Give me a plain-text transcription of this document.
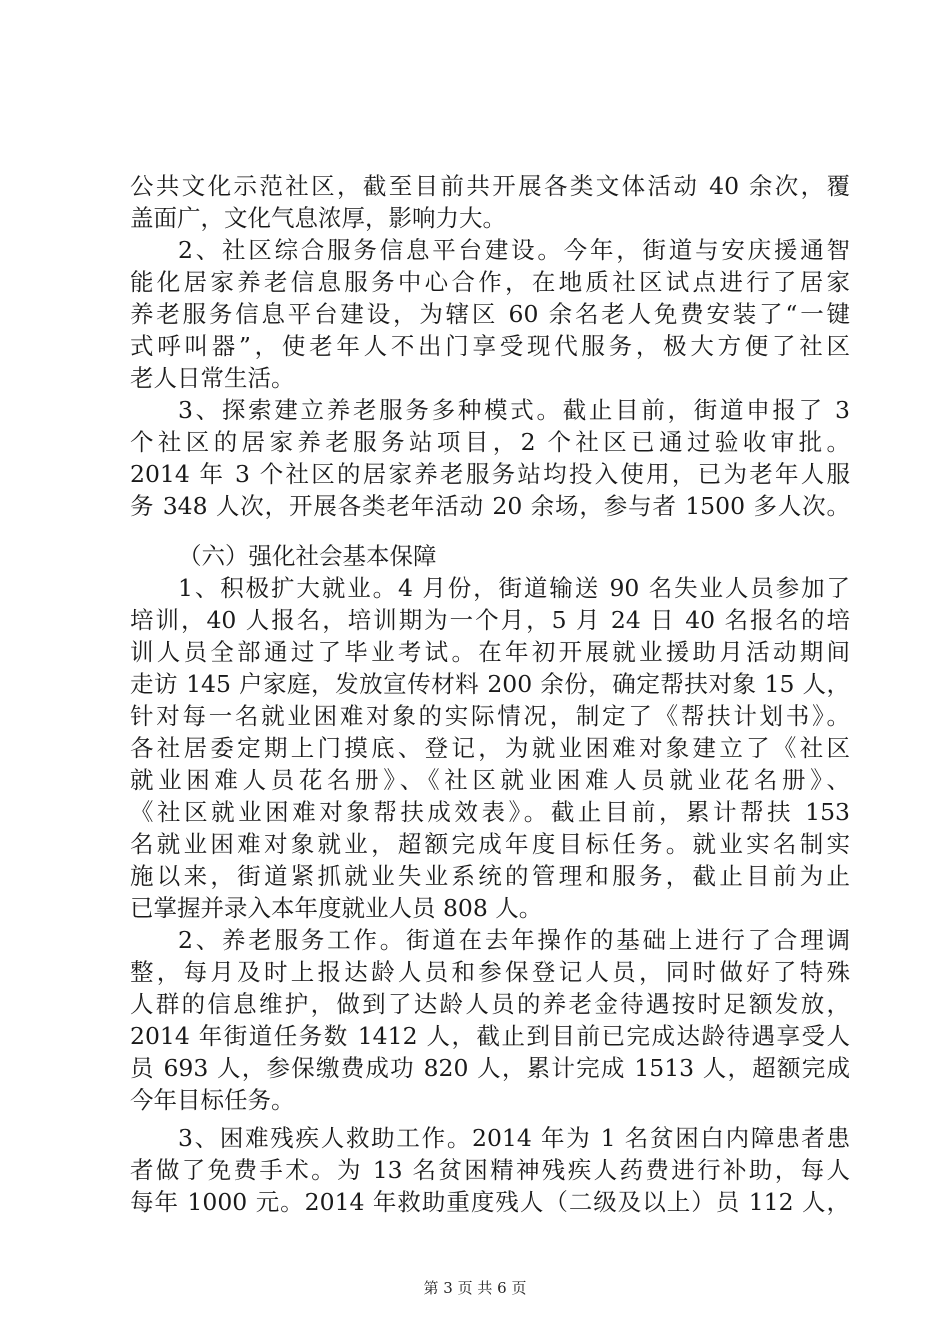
公共文化示范社区，截至目前共开展各类文体活动 40 余次，覆
盖面广，文化气息浓厚，影响力大。
2、社区综合服务信息平台建设。今年，街道与安庆援通智
能化居家养老信息服务中心合作，在地质社区试点进行了居家
养老服务信息平台建设，为辖区 60 余名老人免费安装了“一键
式呼叫器”，使老年人不出门享受现代服务，极大方便了社区
老人日常生活。
3、探索建立养老服务多种模式。截止目前，街道申报了 3
个社区的居家养老服务站项目，2 个社区已通过验收审批。
2014 年 3 个社区的居家养老服务站均投入使用，已为老年人服
务 348 人次，开展各类老年活动 20 余场，参与者 1500 多人次。
（六）强化社会基本保障
1、积极扩大就业。4 月份，街道输送 90 名失业人员参加了
培训，40 人报名，培训期为一个月，5 月 24 日 40 名报名的培
训人员全部通过了毕业考试。在年初开展就业援助月活动期间
走访 145 户家庭，发放宣传材料 200 余份，确定帮扶对象 15 人，
针对每一名就业困难对象的实际情况，制定了《帮扶计划书》。
各社居委定期上门摸底、登记，为就业困难对象建立了《社区
就业困难人员花名册》、《社区就业困难人员就业花名册》、
《社区就业困难对象帮扶成效表》。截止目前，累计帮扶 153
名就业困难对象就业，超额完成年度目标任务。就业实名制实
施以来，街道紧抓就业失业系统的管理和服务，截止目前为止
已掌握并录入本年度就业人员 808 人。
2、养老服务工作。街道在去年操作的基础上进行了合理调
整，每月及时上报达龄人员和参保登记人员，同时做好了特殊
人群的信息维护，做到了达龄人员的养老金待遇按时足额发放，
2014 年街道任务数 1412 人，截止到目前已完成达龄待遇享受人
员 693 人，参保缴费成功 820 人，累计完成 1513 人，超额完成
今年目标任务。
3、困难残疾人救助工作。2014 年为 1 名贫困白内障患者患
者做了免费手术。为 13 名贫困精神残疾人药费进行补助，每人
每年 1000 元。2014 年救助重度残人（二级及以上）员 112 人，
第 3 页 共 6 页
